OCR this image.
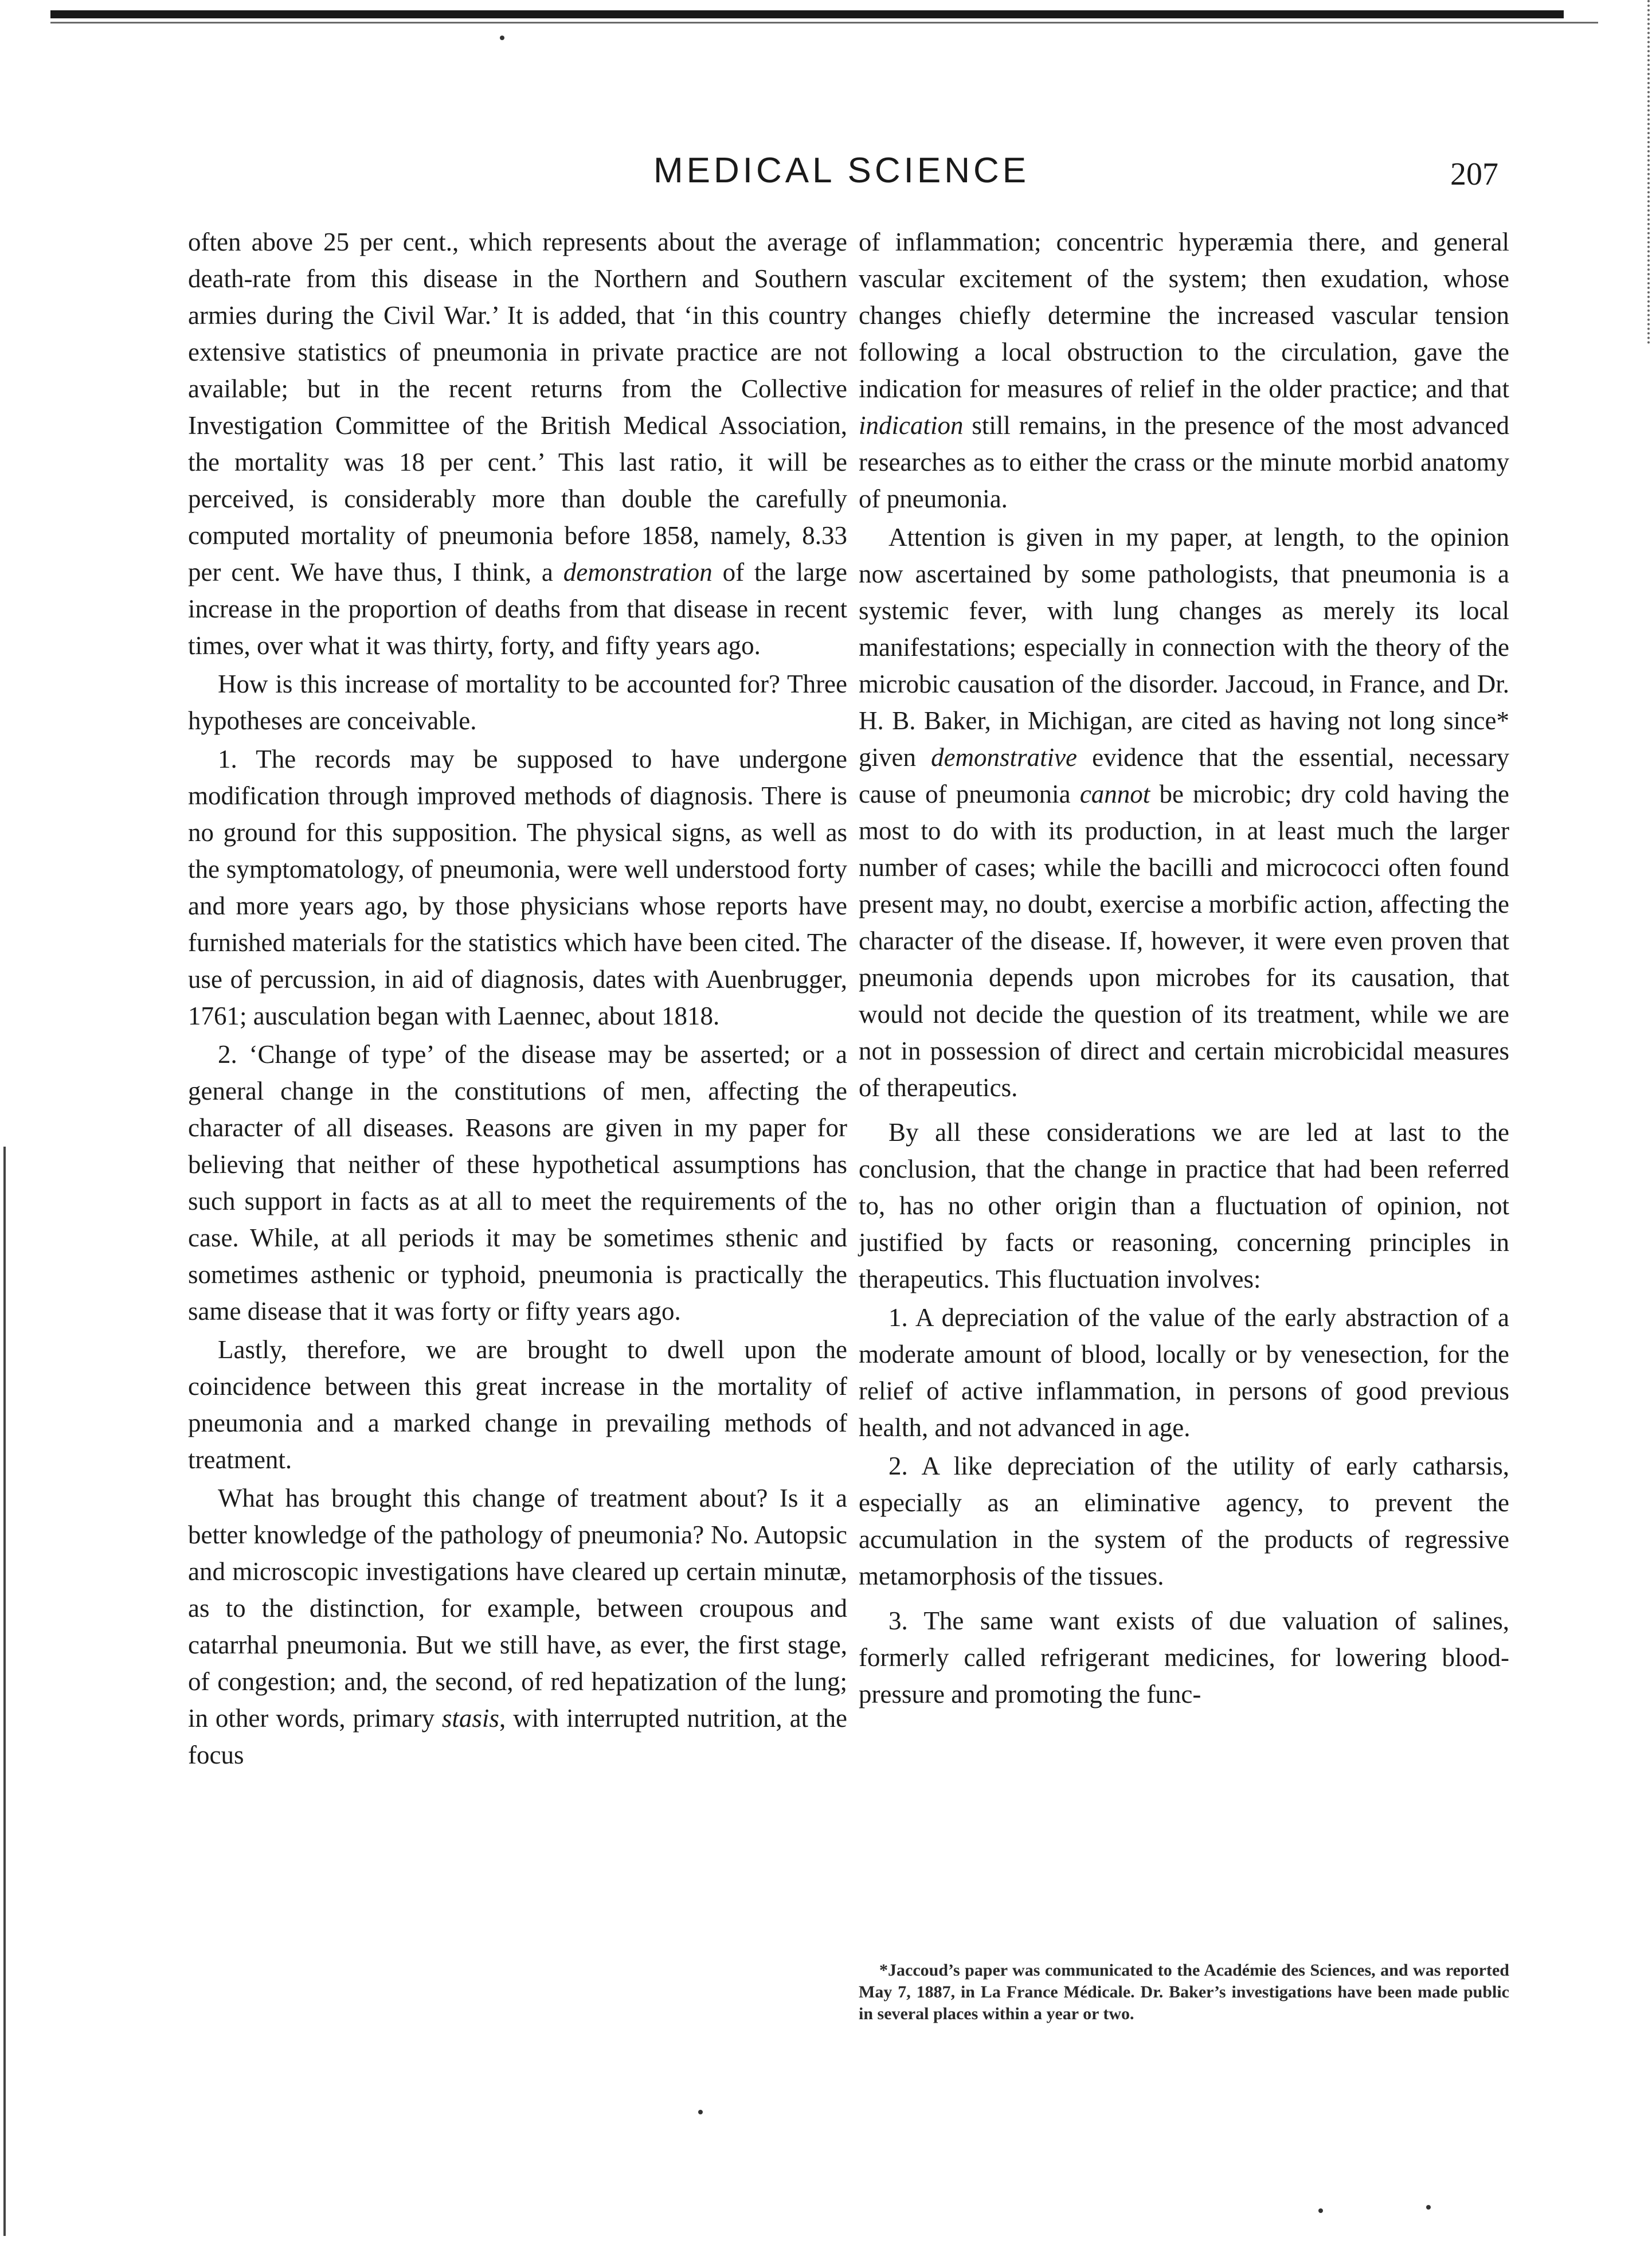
MEDICAL SCIENCE	207

often above 25 per cent., which represents about the average death-rate from this disease in the Northern and Southern armies during the Civil War.’ It is added, that ‘in this country extensive statistics of pneumonia in private practice are not available; but in the recent returns from the Collective Investigation Committee of the British Medical Association, the mortality was 18 per cent.’ This last ratio, it will be perceived, is considerably more than double the carefully computed mortality of pneumonia before 1858, namely, 8.33 per cent. We have thus, I think, a demonstration of the large increase in the proportion of deaths from that disease in recent times, over what it was thirty, forty, and fifty years ago.

How is this increase of mortality to be accounted for? Three hypotheses are conceivable.

1. The records may be supposed to have undergone modification through improved methods of diagnosis. There is no ground for this supposition. The physical signs, as well as the symptomatology, of pneumonia, were well understood forty and more years ago, by those physicians whose reports have furnished materials for the statistics which have been cited. The use of percussion, in aid of diagnosis, dates with Auenbrugger, 1761; ausculation began with Laennec, about 1818.

2. ‘Change of type’ of the disease may be asserted; or a general change in the constitutions of men, affecting the character of all diseases. Reasons are given in my paper for believing that neither of these hypothetical assumptions has such support in facts as at all to meet the requirements of the case. While, at all periods it may be sometimes sthenic and sometimes asthenic or typhoid, pneumonia is practically the same disease that it was forty or fifty years ago.

Lastly, therefore, we are brought to dwell upon the coincidence between this great increase in the mortality of pneumonia and a marked change in prevailing methods of treatment.

What has brought this change of treatment about? Is it a better knowledge of the pathology of pneumonia? No. Autopsic and microscopic investigations have cleared up certain minutæ, as to the distinction, for example, between croupous and catarrhal pneumonia. But we still have, as ever, the first stage, of congestion; and, the second, of red hepatization of the lung; in other words, primary stasis, with interrupted nutrition, at the focus

of inflammation; concentric hyperæmia there, and general vascular excitement of the system; then exudation, whose changes chiefly determine the increased vascular tension following a local obstruction to the circulation, gave the indication for measures of relief in the older practice; and that indication still remains, in the presence of the most advanced researches as to either the crass or the minute morbid anatomy of pneumonia.

Attention is given in my paper, at length, to the opinion now ascertained by some pathologists, that pneumonia is a systemic fever, with lung changes as merely its local manifestations; especially in connection with the theory of the microbic causation of the disorder. Jaccoud, in France, and Dr. H. B. Baker, in Michigan, are cited as having not long since* given demonstrative evidence that the essential, necessary cause of pneumonia cannot be microbic; dry cold having the most to do with its production, in at least much the larger number of cases; while the bacilli and micrococci often found present may, no doubt, exercise a morbific action, affecting the character of the disease. If, however, it were even proven that pneumonia depends upon microbes for its causation, that would not decide the question of its treatment, while we are not in possession of direct and certain microbicidal measures of therapeutics.

By all these considerations we are led at last to the conclusion, that the change in practice that had been referred to, has no other origin than a fluctuation of opinion, not justified by facts or reasoning, concerning principles in therapeutics. This fluctuation involves:

1. A depreciation of the value of the early abstraction of a moderate amount of blood, locally or by venesection, for the relief of active inflammation, in persons of good previous health, and not advanced in age.

2. A like depreciation of the utility of early catharsis, especially as an eliminative agency, to prevent the accumulation in the system of the products of regressive metamorphosis of the tissues.

3. The same want exists of due valuation of salines, formerly called refrigerant medicines, for lowering blood-pressure and promoting the func-

*Jaccoud’s paper was communicated to the Académie des Sciences, and was reported May 7, 1887, in La France Médicale. Dr. Baker’s investigations have been made public in several places within a year or two.
